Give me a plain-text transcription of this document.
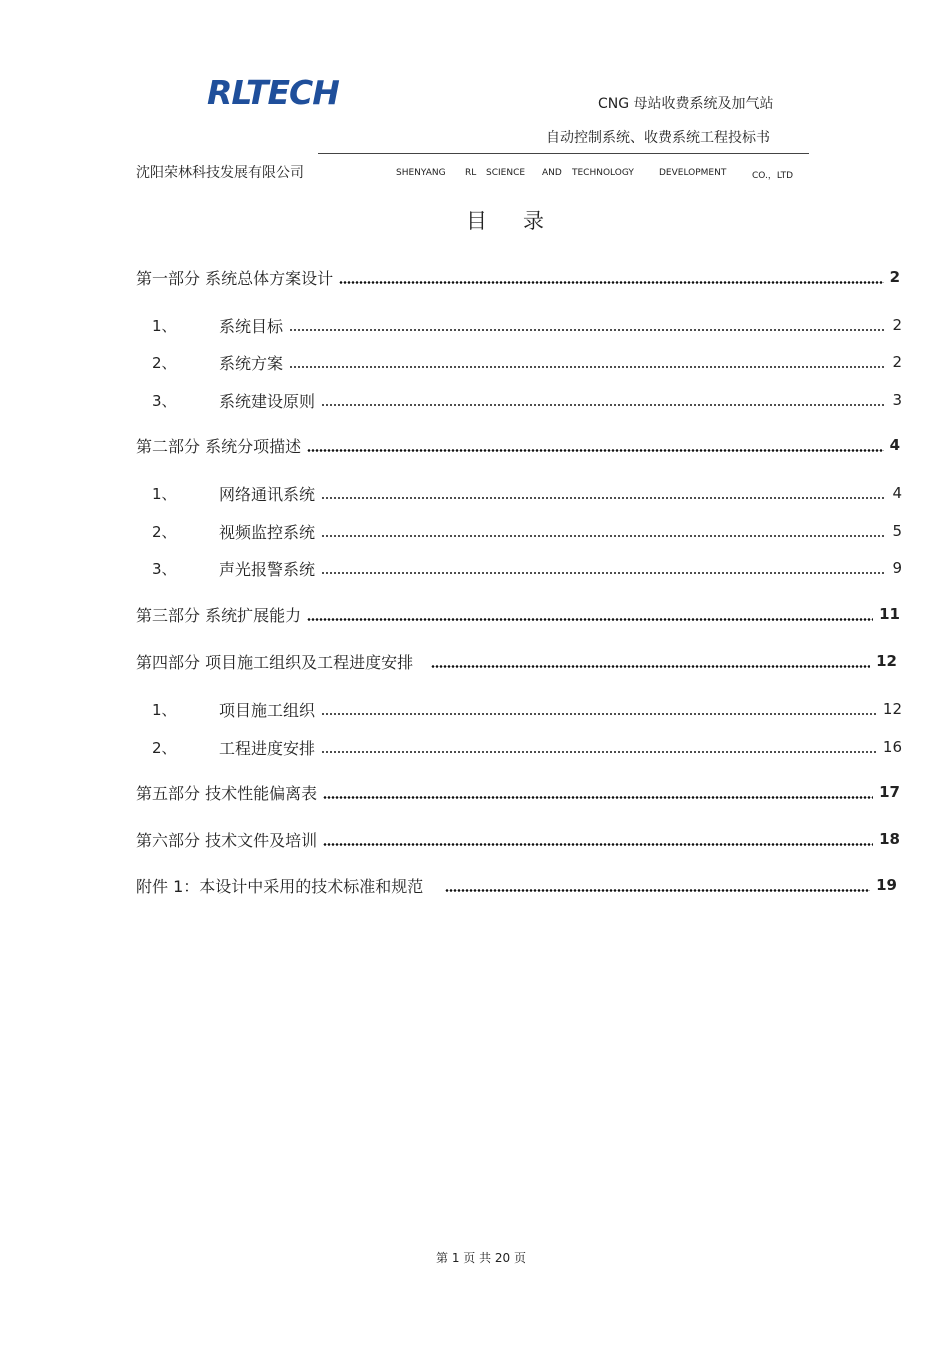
RLTECH	CNG 母站收费系统及加气站
自动控制系统、收费系统工程投标书
沈阳荣林科技发展有限公司	SHENYANG RL SCIENCE AND TECHNOLOGY	DEVELOPMENT	CO.，LTD
目录
第一部分 系统总体方案设计	2
1、	系统目标	2
2、	系统方案	2
3、	系统建设原则	3
第二部分 系统分项描述	4
1、	网络通讯系统	4
2、	视频监控系统	5
3、	声光报警系统	9
第三部分 系统扩展能力	11
第四部分 项目施工组织及工程进度安排	12
1、	项目施工组织	12
2、	工程进度安排	16
第五部分 技术性能偏离表	17
第六部分 技术文件及培训	18
附件 1：本设计中采用的技术标准和规范	19
第 1 页 共 20 页
